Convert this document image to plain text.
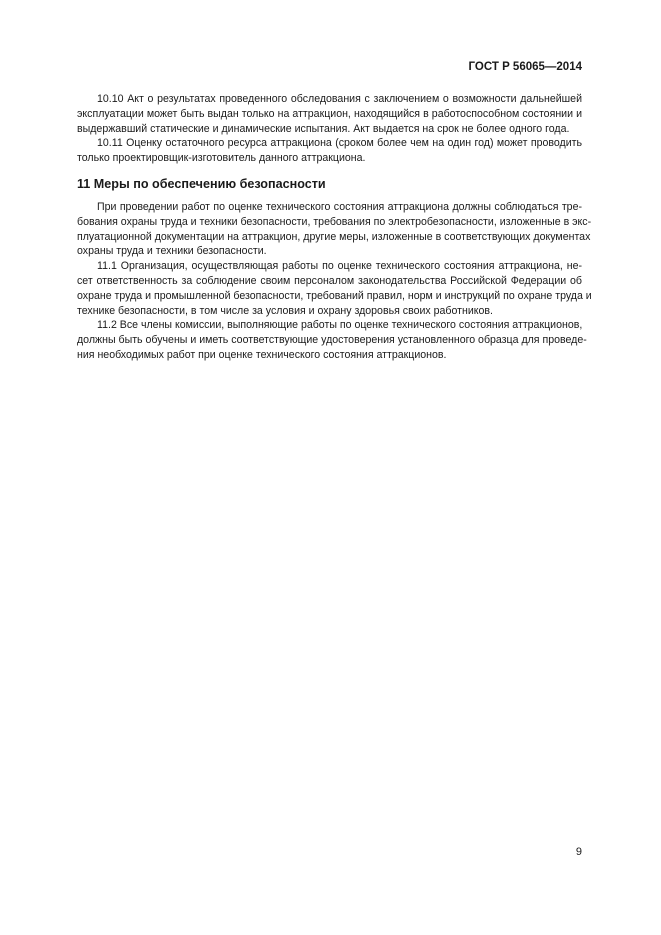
ГОСТ Р 56065—2014
10.10 Акт о результатах проведенного обследования с заключением о возможности дальнейшей
эксплуатации может быть выдан только на аттракцион, находящийся в работоспособном состоянии и
выдержавший статические и динамические испытания. Акт выдается на срок не более одного года.
10.11 Оценку остаточного ресурса аттракциона (сроком более чем на один год) может проводить
только проектировщик-изготовитель данного аттракциона.
11 Меры по обеспечению безопасности
При проведении работ по оценке технического состояния аттракциона должны соблюдаться тре-
бования охраны труда и техники безопасности, требования по электробезопасности, изложенные в экс-
плуатационной документации на аттракцион, другие меры, изложенные в соответствующих документах
охраны труда и техники безопасности.
11.1 Организация, осуществляющая работы по оценке технического состояния аттракциона, не-
сет ответственность за соблюдение своим персоналом законодательства Российской Федерации об
охране труда и промышленной безопасности, требований правил, норм и инструкций по охране труда и
технике безопасности, в том числе за условия и охрану здоровья своих работников.
11.2 Все члены комиссии, выполняющие работы по оценке технического состояния аттракционов,
должны быть обучены и иметь соответствующие удостоверения установленного образца для проведе-
ния необходимых работ при оценке технического состояния аттракционов.
9
